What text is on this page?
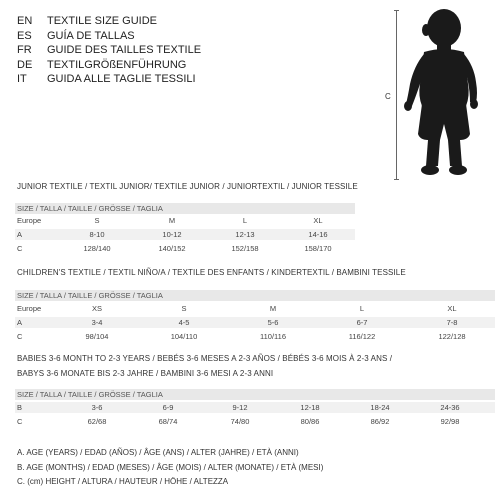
EN	TEXTILE SIZE GUIDE
ES	GUÍA DE TALLAS
FR	GUIDE DES TAILLES TEXTILE
DE	TEXTILGRÖßENFÜHRUNG
IT	GUIDA ALLE TAGLIE TESSILI
C
JUNIOR TEXTILE / TEXTIL JUNIOR/ TEXTILE JUNIOR / JUNIORTEXTIL / JUNIOR TESSILE
SIZE / TALLA / TAILLE / GRÖSSE / TAGLIA
Europe	S	M	L	XL
A	8-10	10-12	12-13	14-16
C	128/140	140/152	152/158	158/170
CHILDREN'S TEXTILE / TEXTIL NIÑO/A / TEXTILE DES ENFANTS / KINDERTEXTIL / BAMBINI TESSILE
SIZE / TALLA / TAILLE / GRÖSSE / TAGLIA
Europe	XS	S	M	L	XL
A	3-4	4-5	5-6	6-7	7-8
C	98/104	104/110	110/116	116/122	122/128
BABIES 3-6 MONTH TO 2-3 YEARS / BEBÉS 3-6 MESES A 2-3 AÑOS / BÉBÉS 3-6 MOIS À 2-3 ANS /
BABYS 3-6 MONATE BIS 2-3 JAHRE / BAMBINI 3-6 MESI A 2-3 ANNI
SIZE / TALLA / TAILLE / GRÖSSE / TAGLIA
B	3-6	6-9	9-12	12-18	18-24	24-36
C	62/68	68/74	74/80	80/86	86/92	92/98
A. AGE (YEARS) / EDAD (AÑOS) / ÂGE (ANS) / ALTER (JAHRE) / ETÀ (ANNI)
B. AGE (MONTHS) / EDAD (MESES) / ÂGE (MOIS) / ALTER (MONATE) / ETÀ (MESI)
C. (cm) HEIGHT / ALTURA / HAUTEUR / HÖHE / ALTEZZA
